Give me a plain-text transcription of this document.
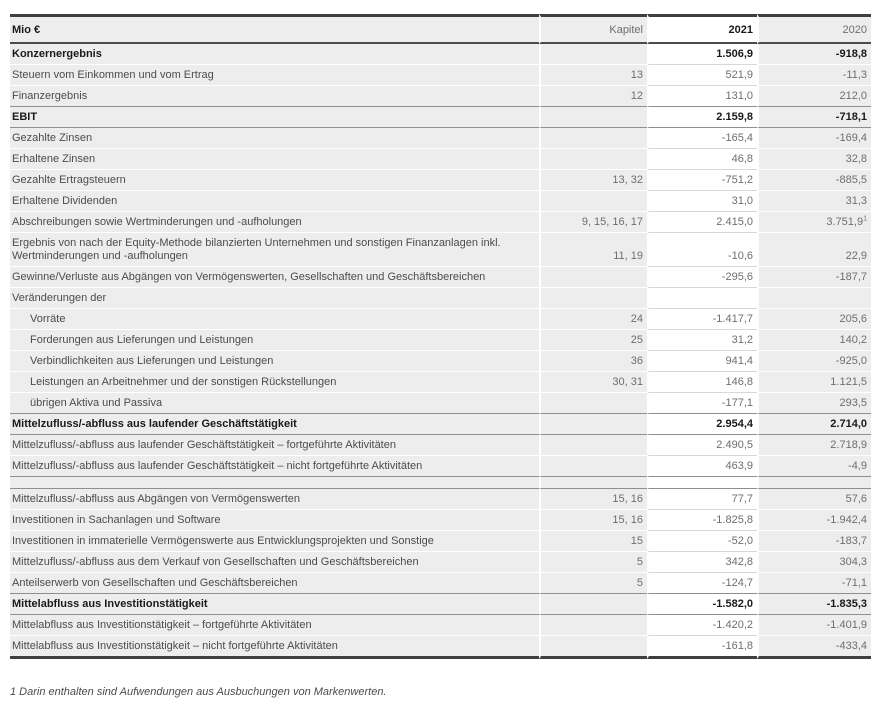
Mio €	Kapitel	2021	2020
Konzernergebnis		1.506,9	-918,8
Steuern vom Einkommen und vom Ertrag	13	521,9	-11,3
Finanzergebnis	12	131,0	212,0
EBIT		2.159,8	-718,1
Gezahlte Zinsen		-165,4	-169,4
Erhaltene Zinsen		46,8	32,8
Gezahlte Ertragsteuern	13, 32	-751,2	-885,5
Erhaltene Dividenden		31,0	31,3
Abschreibungen sowie Wertminderungen und -aufholungen	9, 15, 16, 17	2.415,0	3.751,9$^1$
Ergebnis von nach der Equity-Methode bilanzierten Unternehmen und sonstigen Finanzanlagen inkl. Wertminderungen und -aufholungen	11, 19	-10,6	22,9
Gewinne/Verluste aus Abgängen von Vermögenswerten, Gesellschaften und Geschäftsbereichen		-295,6	-187,7
Veränderungen der			
Vorräte	24	-1.417,7	205,6
Forderungen aus Lieferungen und Leistungen	25	31,2	140,2
Verbindlichkeiten aus Lieferungen und Leistungen	36	941,4	-925,0
Leistungen an Arbeitnehmer und der sonstigen Rückstellungen	30, 31	146,8	1.121,5
übrigen Aktiva und Passiva		-177,1	293,5
Mittelzufluss/-abfluss aus laufender Geschäftstätigkeit		2.954,4	2.714,0
Mittelzufluss/-abfluss aus laufender Geschäftstätigkeit – fortgeführte Aktivitäten		2.490,5	2.718,9
Mittelzufluss/-abfluss aus laufender Geschäftstätigkeit – nicht fortgeführte Aktivitäten		463,9	-4,9

Mittelzufluss/-abfluss aus Abgängen von Vermögenswerten	15, 16	77,7	57,6
Investitionen in Sachanlagen und Software	15, 16	-1.825,8	-1.942,4
Investitionen in immaterielle Vermögenswerte aus Entwicklungsprojekten und Sonstige	15	-52,0	-183,7
Mittelzufluss/-abfluss aus dem Verkauf von Gesellschaften und Geschäftsbereichen	5	342,8	304,3
Anteilserwerb von Gesellschaften und Geschäftsbereichen	5	-124,7	-71,1
Mittelabfluss aus Investitionstätigkeit		-1.582,0	-1.835,3
Mittelabfluss aus Investitionstätigkeit – fortgeführte Aktivitäten		-1.420,2	-1.401,9
Mittelabfluss aus Investitionstätigkeit – nicht fortgeführte Aktivitäten		-161,8	-433,4
1 Darin enthalten sind Aufwendungen aus Ausbuchungen von Markenwerten.
